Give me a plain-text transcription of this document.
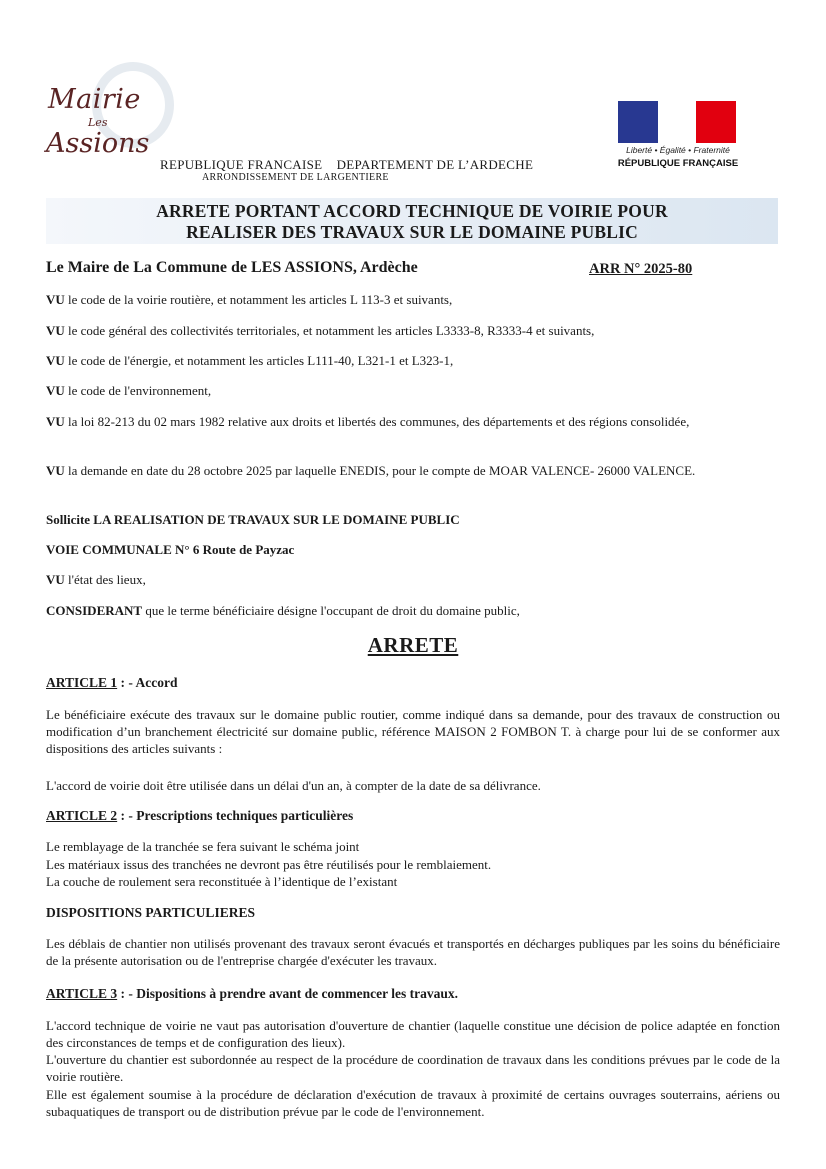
Mairie
Les
Assions
REPUBLIQUE FRANCAISE    DEPARTEMENT DE L’ARDECHE
ARRONDISSEMENT DE LARGENTIERE
Liberté • Égalité • Fraternité
RÉPUBLIQUE FRANÇAISE
ARRETE PORTANT ACCORD TECHNIQUE DE VOIRIE POUR
REALISER DES TRAVAUX SUR LE DOMAINE PUBLIC
Le Maire de La Commune de LES ASSIONS, Ardèche	ARR N° 2025-80
VU le code de la voirie routière, et notamment les articles L 113-3 et suivants,
VU le code général des collectivités territoriales, et notamment les articles L3333-8, R3333-4 et suivants,
VU le code de l'énergie, et notamment les articles L111-40, L321-1 et L323-1,
VU le code de l'environnement,
VU la loi 82-213 du 02 mars 1982 relative aux droits et libertés des communes, des départements et des régions consolidée,
VU la demande en date du 28 octobre 2025 par laquelle ENEDIS, pour le compte de MOAR VALENCE- 26000 VALENCE.
Sollicite LA REALISATION DE TRAVAUX SUR LE DOMAINE PUBLIC
VOIE COMMUNALE N° 6 Route de Payzac
VU l'état des lieux,
CONSIDERANT que le terme bénéficiaire désigne l'occupant de droit du domaine public,
ARRETE
ARTICLE 1 : - Accord
Le bénéficiaire exécute des travaux sur le domaine public routier, comme indiqué dans sa demande, pour des travaux de construction ou modification d’un branchement électricité sur domaine public, référence MAISON 2 FOMBON T. à charge pour lui de se conformer aux dispositions des articles suivants :
L'accord de voirie doit être utilisée dans un délai d'un an, à compter de la date de sa délivrance.
ARTICLE 2 : - Prescriptions techniques particulières
Le remblayage de la tranchée se fera suivant le schéma joint
Les matériaux issus des tranchées ne devront pas être réutilisés pour le remblaiement.
La couche de roulement sera reconstituée à l’identique de l’existant
DISPOSITIONS PARTICULIERES
Les déblais de chantier non utilisés provenant des travaux seront évacués et transportés en décharges publiques par les soins du bénéficiaire de la présente autorisation ou de l'entreprise chargée d'exécuter les travaux.
ARTICLE 3 : - Dispositions à prendre avant de commencer les travaux.
L'accord technique de voirie ne vaut pas autorisation d'ouverture de chantier (laquelle constitue une décision de police adaptée en fonction des circonstances de temps et de configuration des lieux).
L'ouverture du chantier est subordonnée au respect de la procédure de coordination de travaux dans les conditions prévues par le code de la voirie routière.
Elle est également soumise à la procédure de déclaration d'exécution de travaux à proximité de certains ouvrages souterrains, aériens ou subaquatiques de transport ou de distribution prévue par le code de l'environnement.
